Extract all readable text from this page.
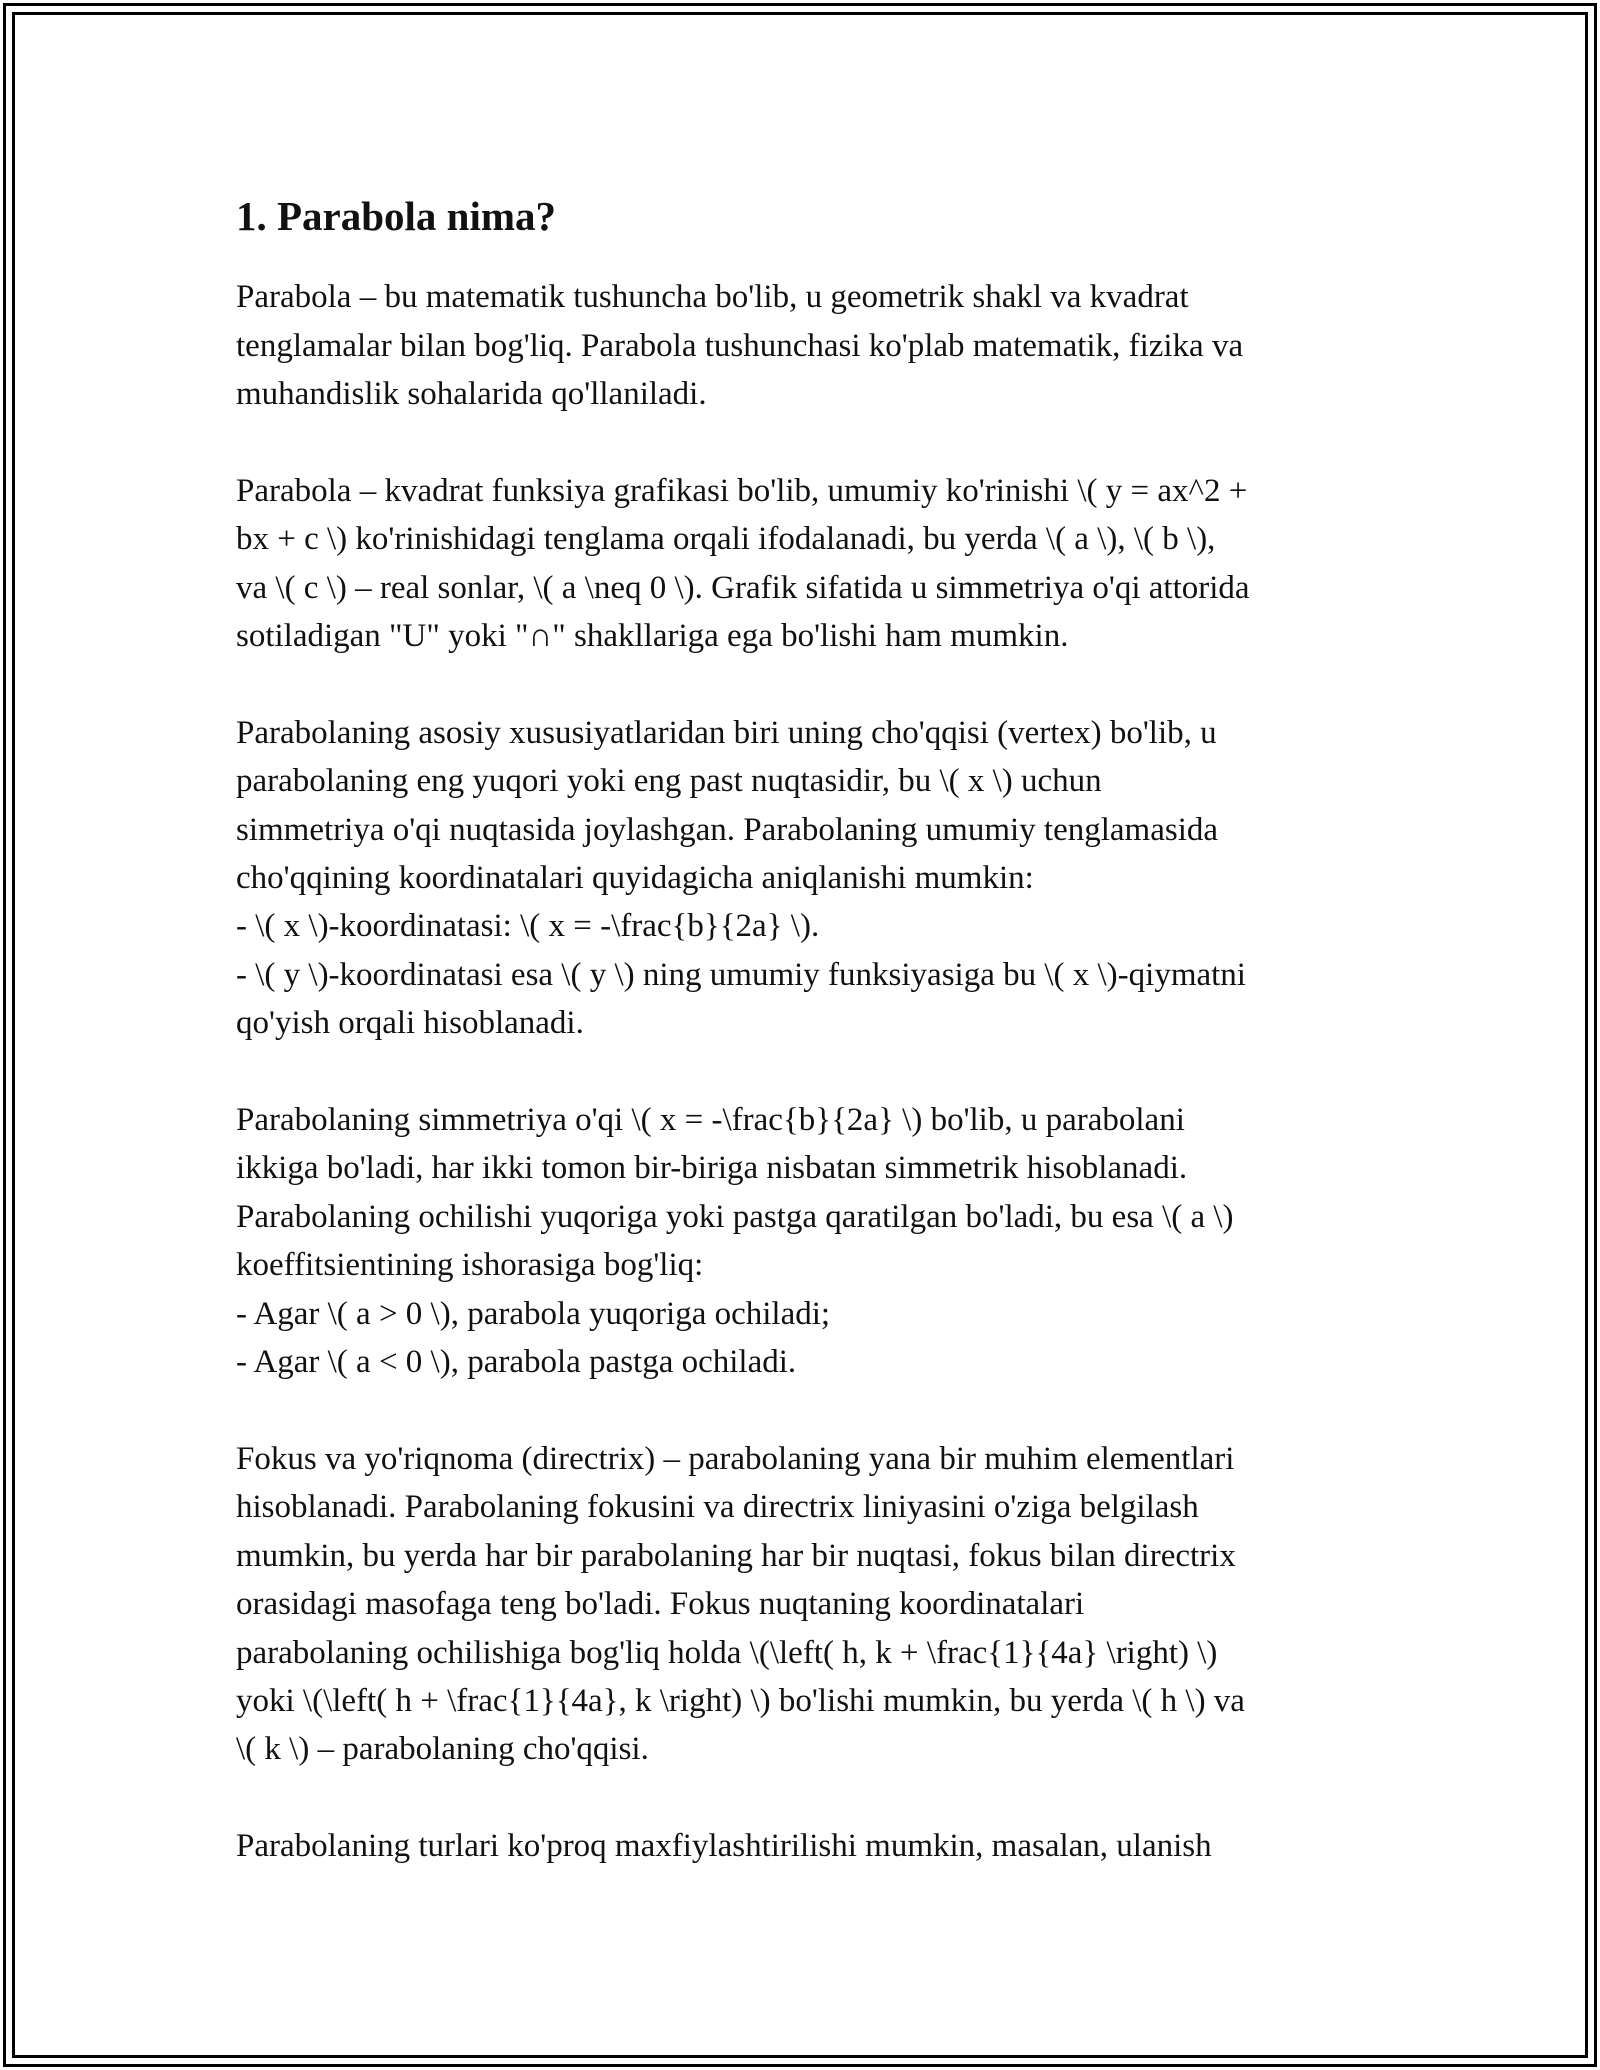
1. Parabola nima?

Parabola – bu matematik tushuncha bo'lib, u geometrik shakl va kvadrat
tenglamalar bilan bog'liq. Parabola tushunchasi ko'plab matematik, fizika va
muhandislik sohalarida qo'llaniladi.

Parabola – kvadrat funksiya grafikasi bo'lib, umumiy ko'rinishi \( y = ax^2 +
bx + c \) ko'rinishidagi tenglama orqali ifodalanadi, bu yerda \( a \), \( b \),
va \( c \) – real sonlar, \( a \neq 0 \). Grafik sifatida u simmetriya o'qi attorida
sotiladigan "U" yoki "∩" shakllariga ega bo'lishi ham mumkin.

Parabolaning asosiy xususiyatlaridan biri uning cho'qqisi (vertex) bo'lib, u
parabolaning eng yuqori yoki eng past nuqtasidir, bu \( x \) uchun
simmetriya o'qi nuqtasida joylashgan. Parabolaning umumiy tenglamasida
cho'qqining koordinatalari quyidagicha aniqlanishi mumkin:
- \( x \)-koordinatasi: \( x = -\frac{b}{2a} \).
- \( y \)-koordinatasi esa \( y \) ning umumiy funksiyasiga bu \( x \)-qiymatni
qo'yish orqali hisoblanadi.

Parabolaning simmetriya o'qi \( x = -\frac{b}{2a} \) bo'lib, u parabolani
ikkiga bo'ladi, har ikki tomon bir-biriga nisbatan simmetrik hisoblanadi.
Parabolaning ochilishi yuqoriga yoki pastga qaratilgan bo'ladi, bu esa \( a \)
koeffitsientining ishorasiga bog'liq:
- Agar \( a > 0 \), parabola yuqoriga ochiladi;
- Agar \( a < 0 \), parabola pastga ochiladi.

Fokus va yo'riqnoma (directrix) – parabolaning yana bir muhim elementlari
hisoblanadi. Parabolaning fokusini va directrix liniyasini o'ziga belgilash
mumkin, bu yerda har bir parabolaning har bir nuqtasi, fokus bilan directrix
orasidagi masofaga teng bo'ladi. Fokus nuqtaning koordinatalari
parabolaning ochilishiga bog'liq holda \(\left( h, k + \frac{1}{4a} \right) \)
yoki \(\left( h + \frac{1}{4a}, k \right) \) bo'lishi mumkin, bu yerda \( h \) va
\( k \) – parabolaning cho'qqisi.

Parabolaning turlari ko'proq maxfiylashtirilishi mumkin, masalan, ulanish
